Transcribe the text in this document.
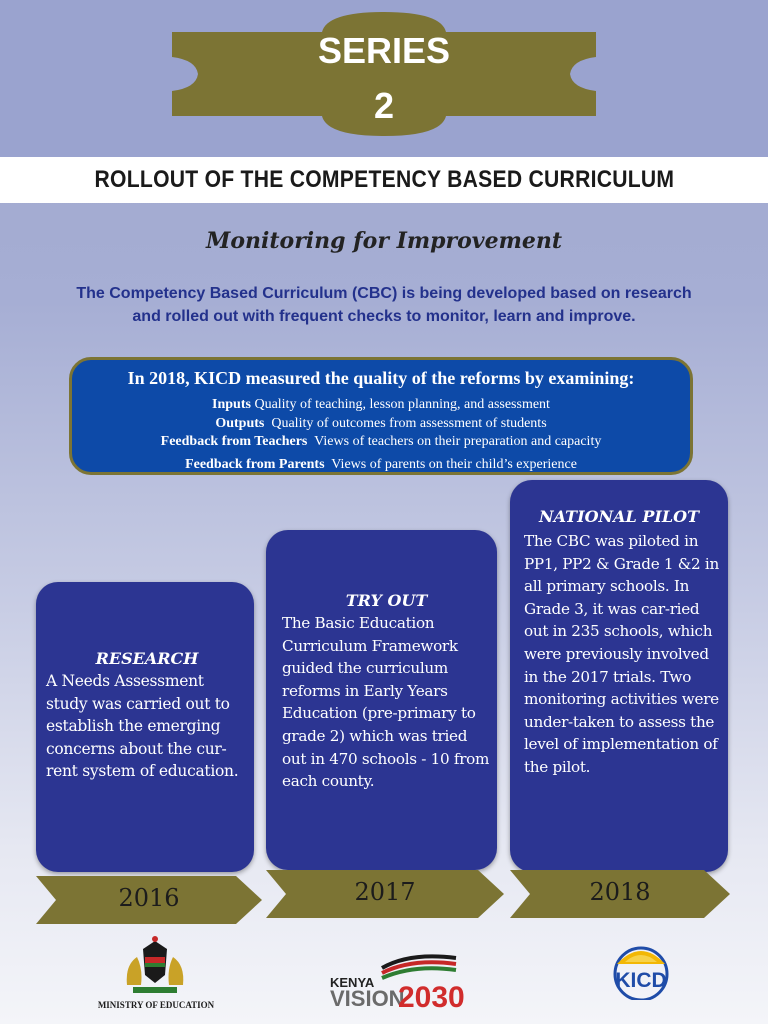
SERIES
2
ROLLOUT OF THE COMPETENCY BASED CURRICULUM
Monitoring for Improvement
The Competency Based Curriculum (CBC) is being developed based on research
and rolled out with frequent checks to monitor, learn and improve.
In 2018, KICD measured the quality of the reforms by examining:
Inputs Quality of teaching, lesson planning, and assessment
Outputs Quality of outcomes from assessment of students
Feedback from Teachers Views of teachers on their preparation and capacity
Feedback from Parents Views of parents on their child’s experience
RESEARCH
A Needs Assessment study was carried out to establish the emerging concerns about the cur-rent system of education.
TRY OUT
The Basic Education Curriculum Framework guided the curriculum reforms in Early Years Education (pre-primary to grade 2) which was tried out in 470 schools - 10 from each county.
NATIONAL PILOT
The CBC was piloted in PP1, PP2 & Grade 1 &2 in all primary schools. In Grade 3, it was car-ried out in 235 schools, which were previously involved in the 2017 trials. Two monitoring activities were under-taken to assess the level of implementation of the pilot.
2016	2017	2018
MINISTRY OF EDUCATION
KENYA
VISION
2030
KICD
